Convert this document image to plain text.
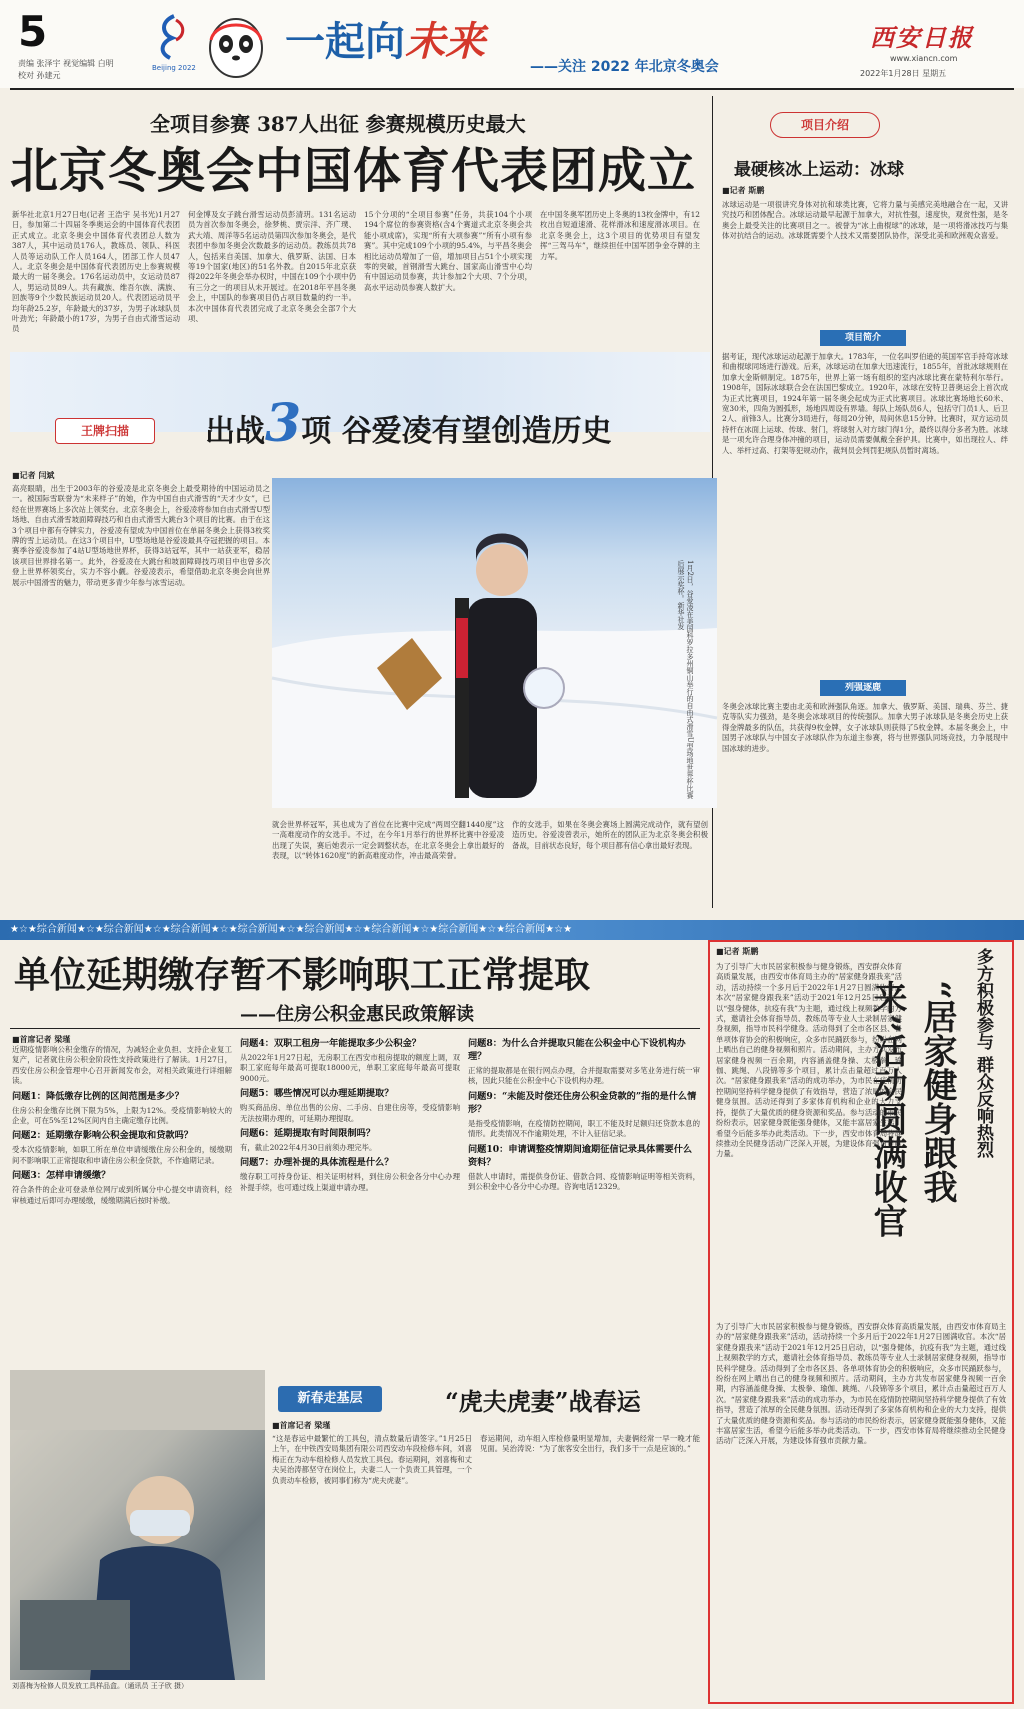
5
责编 张泽宇 视觉编辑 白明
校对 孙建元
Beijing 2022
一起向未来
——关注 2022 年北京冬奥会
西安日报
www.xiancn.com
2022年1月28日 星期五
全项目参赛 387人出征 参赛规模历史最大
北京冬奥会中国体育代表团成立
新华社北京1月27日电(记者 王浩宇 吴书光)1月27日，参加第二十四届冬季奥运会的中国体育代表团正式成立。北京冬奥会中国体育代表团总人数为387人，其中运动员176人，教练员、领队、科医人员等运动队工作人员164人，团部工作人员47人。北京冬奥会是中国体育代表团历史上参赛规模最大的一届冬奥会。176名运动员中，女运动员87人，男运动员89人。共有藏族、维吾尔族、满族、回族等9个少数民族运动员20人。代表团运动员平均年龄25.2岁，年龄最大的37岁，为男子冰球队员叶劲光；年龄最小的17岁，为男子自由式滑雪运动员
何金博及女子跳台滑雪运动员彭清玥。131名运动员为首次参加冬奥会，徐梦桃、贾宗洋、齐广璞、武大靖、周洋等5名运动员第四次参加冬奥会，是代表团中参加冬奥会次数最多的运动员。教练员共78人，包括来自美国、加拿大、俄罗斯、法国、日本等19个国家(地区)的51名外教。自2015年北京获得2022年冬奥会举办权时，中国在109个小项中仍有三分之一的项目从未开展过。在2018年平昌冬奥会上，中国队的参赛项目仍占项目数量的约一半。本次中国体育代表团完成了北京冬奥会全部7个大项、
15个分项的“全项目参赛”任务，共获104个小项194个席位的参赛资格(含4个赛道式北京冬奥会共能小项成席)，实现“所有大项参赛”“所有小项有参赛”。其中完成109个小项的95.4%，与平昌冬奥会相比运动员增加了一倍，增加项目占51个小项实现零的突破，首钢滑雪大跳台、国家高山滑雪中心均有中国运动员参赛，共计参加2个大项、7个分项，高水平运动员参赛人数扩大。
在中国冬奥军团历史上冬奥的13枚金牌中，有12枚出自短道速滑、花样滑冰和速度滑冰项目。在北京冬奥会上，这3个项目的优势项目有望发挥“三驾马车”，继续担任中国军团争金夺牌的主力军。
项目介绍
最硬核冰上运动：冰球
■记者 斯鹏
冰球运动是一项很讲究身体对抗和球类比赛，它将力量与美感完美地融合在一起，又讲究技巧和团体配合。冰球运动最早起源于加拿大，对抗性强，速度快，观赏性强，是冬奥会上最受关注的比赛项目之一。被誉为“冰上曲棍球”的冰球，是一项将滑冰技巧与集体对抗结合的运动。冰球既需要个人技术又需要团队协作，深受北美和欧洲观众喜爱。
项目简介
据考证，现代冰球运动起源于加拿大。1783年，一位名叫罗伯逊的英国军官手持弯冰球和曲棍球同场进行游戏。后来，冰球运动在加拿大迅速流行，1855年，首批冰球规则在加拿大金斯顿制定。1875年，世界上第一场有组织的室内冰球比赛在蒙特利尔举行。1908年，国际冰球联合会在法国巴黎成立。1920年，冰球在安特卫普奥运会上首次成为正式比赛项目，1924年第一届冬奥会起成为正式比赛项目。冰球比赛场地长60米、宽30米，四角为圆弧形，场地四周设有界墙。每队上场队员6人，包括守门员1人、后卫2人、前锋3人。比赛分3局进行，每局20分钟，局间休息15分钟。比赛时，双方运动员持杆在冰面上运球、传球、射门，将球射入对方球门得1分，最终以得分多者为胜。冰球是一项允许合理身体冲撞的项目，运动员需要佩戴全套护具。比赛中，如出现拉人、绊人、举杆过高、打架等犯规动作，裁判员会判罚犯规队员暂时离场。
列强逐鹿
冬奥会冰球比赛主要由北美和欧洲强队角逐。加拿大、俄罗斯、美国、瑞典、芬兰、捷克等队实力强劲，是冬奥会冰球项目的传统强队。加拿大男子冰球队是冬奥会历史上获得金牌最多的队伍，共获得9枚金牌，女子冰球队则获得了5枚金牌。本届冬奥会上，中国男子冰球队与中国女子冰球队作为东道主参赛，将与世界强队同场竞技，力争展现中国冰球的进步。
王牌扫描	出战3项 谷爱凌有望创造历史
■记者 闫斌
高亮眼睛，出生于2003年的谷爱凌是北京冬奥会上最受期待的中国运动员之一。被国际雪联誉为“未来样子”的她，作为中国自由式滑雪的“天才少女”，已经在世界赛场上多次站上领奖台。北京冬奥会上，谷爱凌将参加自由式滑雪U型场地、自由式滑雪坡面障碍技巧和自由式滑雪大跳台3个项目的比赛。由于在这3个项目中都有夺牌实力，谷爱凌有望成为中国首位在单届冬奥会上获得3枚奖牌的雪上运动员。在这3个项目中，U型场地是谷爱凌最具夺冠把握的项目。本赛季谷爱凌参加了4站U型场地世界杯，获得3站冠军，其中一站获亚军，稳居该项目世界排名第一。此外，谷爱凌在大跳台和坡面障碍技巧项目中也曾多次登上世界杯领奖台，实力不容小觑。谷爱凌表示，希望借助北京冬奥会向世界展示中国滑雪的魅力，带动更多青少年参与冰雪运动。	1月2日，谷爱凌在美国科罗拉多州铜山举行的自由式滑雪U型场地世界杯比赛后展示奖杯。新华社发
就会世界杯冠军，其也成为了首位在比赛中完成“两周空翻1440度”这一高难度动作的女选手。不过，在今年1月举行的世界杯比赛中谷爱凌出现了失误，赛后她表示一定会调整状态，在北京冬奥会上拿出最好的表现，以“转体1620度”的新高难度动作，冲击最高荣誉。
作的女选手，如果在冬奥会赛场上圆满完成动作，就有望创造历史。谷爱凌曾表示，她所在的团队正为北京冬奥会积极备战，目前状态良好，每个项目都有信心拿出最好表现。
★☆★综合新闻★☆★综合新闻★☆★综合新闻★☆★综合新闻★☆★综合新闻★☆★综合新闻★☆★综合新闻★☆★综合新闻★☆★
单位延期缴存暂不影响职工正常提取
——住房公积金惠民政策解读
■首席记者 梁瑾
近期疫情影响公积金缴存的情况，为减轻企业负担、支持企业复工复产，记者就住房公积金阶段性支持政策进行了解读。1月27日，西安住房公积金管理中心召开新闻发布会，对相关政策进行详细解读。
问题1：降低缴存比例的区间范围是多少？
住房公积金缴存比例下限为5%，上限为12%。受疫情影响较大的企业，可在5%至12%区间内自主确定缴存比例。
问题2：延期缴存影响公积金提取和贷款吗？
受本次疫情影响，如职工所在单位申请缓缴住房公积金的，缓缴期间不影响职工正常提取和申请住房公积金贷款，不作逾期记录。
问题3：怎样申请缓缴？
符合条件的企业可登录单位网厅或到所属分中心提交申请资料，经审核通过后即可办理缓缴，缓缴期满后按时补缴。
问题4：双职工租房一年能提取多少公积金？
从2022年1月27日起，无房职工在西安市租房提取的额度上调，双职工家庭每年最高可提取18000元，单职工家庭每年最高可提取9000元。
问题5：哪些情况可以办理延期提取？
购买商品房、单位出售的公房、二手房、自建住房等，受疫情影响无法按期办理的，可延期办理提取。
问题6：延期提取有时间限制吗？
有，截止2022年4月30日前须办理完毕。
问题7：办理补提的具体流程是什么？
缴存职工可持身份证、相关证明材料，到住房公积金各分中心办理补提手续，也可通过线上渠道申请办理。
问题8：为什么合并提取只能在公积金中心下设机构办理？
正常的提取都是在银行网点办理，合并提取需要对多笔业务进行统一审核，因此只能在公积金中心下设机构办理。
问题9：“未能及时偿还住房公积金贷款的”指的是什么情形？
是指受疫情影响，在疫情防控期间，职工不能及时足额归还贷款本息的情形。此类情况不作逾期处理，不计入征信记录。
问题10：申请调整疫情期间逾期征信记录具体需要什么资料？
借款人申请时，需提供身份证、借款合同、疫情影响证明等相关资料，到公积金中心各分中心办理。咨询电话12329。
刘喜梅为检修人员发放工具样品盒。（通讯员 王子欣 摄）
新春走基层	“虎夫虎妻”战春运
■首席记者 梁瑾
“这是春运中最繁忙的工具包，清点数量后请签字。”1月25日上午，在中铁西安局集团有限公司西安动车段检修车间，刘喜梅正在为动车组检修人员发放工具包。春运期间，刘喜梅和丈夫吴治涛都坚守在岗位上，夫妻二人一个负责工具管理，一个负责动车检修，被同事们称为“虎夫虎妻”。
春运期间，动车组入库检修量明显增加，夫妻俩经常一早一晚才能见面。吴治涛说：“为了旅客安全出行，我们多干一点是应该的。”
■记者 斯鹏	多方积极参与 群众反响热烈
“居家健身跟我来”活动圆满收官
为了引导广大市民居家积极参与健身锻炼，西安群众体育高质量发展，由西安市体育局主办的“居家健身跟我来”活动，活动持续一个多月后于2022年1月27日圆满收官。本次“居家健身跟我来”活动于2021年12月25日启动，以“强身健体，抗疫有我”为主题，通过线上视频教学的方式，邀请社会体育指导员、教练员等专业人士录制居家健身视频，指导市民科学健身。活动得到了全市各区县、各单项体育协会的积极响应，众多市民踊跃参与，纷纷在网上晒出自己的健身视频和照片。活动期间，主办方共发布居家健身视频一百余期，内容涵盖健身操、太极拳、瑜伽、跳绳、八段锦等多个项目，累计点击量超过百万人次。“居家健身跟我来”活动的成功举办，为市民在疫情防控期间坚持科学健身提供了有效指导，营造了浓厚的全民健身氛围。活动还得到了多家体育机构和企业的大力支持，提供了大量优质的健身资源和奖品。参与活动的市民纷纷表示，居家健身既能强身健体，又能丰富居家生活，希望今后能多举办此类活动。下一步，西安市体育局将继续推动全民健身活动广泛深入开展，为建设体育强市贡献力量。
为了引导广大市民居家积极参与健身锻炼，西安群众体育高质量发展，由西安市体育局主办的“居家健身跟我来”活动，活动持续一个多月后于2022年1月27日圆满收官。本次“居家健身跟我来”活动于2021年12月25日启动，以“强身健体，抗疫有我”为主题，通过线上视频教学的方式，邀请社会体育指导员、教练员等专业人士录制居家健身视频，指导市民科学健身。活动得到了全市各区县、各单项体育协会的积极响应，众多市民踊跃参与，纷纷在网上晒出自己的健身视频和照片。活动期间，主办方共发布居家健身视频一百余期，内容涵盖健身操、太极拳、瑜伽、跳绳、八段锦等多个项目，累计点击量超过百万人次。“居家健身跟我来”活动的成功举办，为市民在疫情防控期间坚持科学健身提供了有效指导，营造了浓厚的全民健身氛围。活动还得到了多家体育机构和企业的大力支持，提供了大量优质的健身资源和奖品。参与活动的市民纷纷表示，居家健身既能强身健体，又能丰富居家生活，希望今后能多举办此类活动。下一步，西安市体育局将继续推动全民健身活动广泛深入开展，为建设体育强市贡献力量。
